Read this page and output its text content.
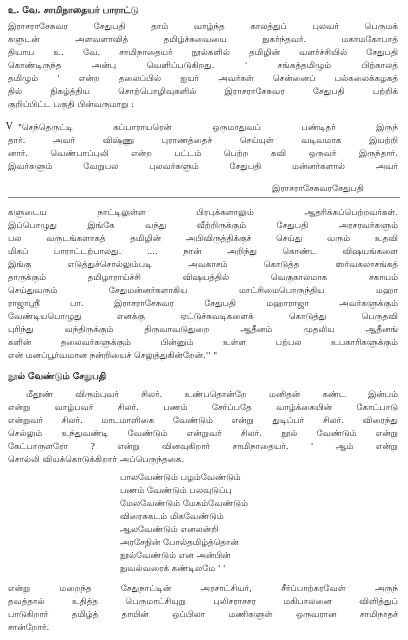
உ. வே. சாமிநாதையர் பாராட்டு
இராசராசேசுவர சேதுபதி தாம் வாழ்ந்த காலத்துப் புலவர் பெருமக்
களுடன் அளவளாவித் தமிழ்ச்சுவையை நுகர்ந்தவர். மகாமகோபாத்
தியாய உ. வே. சாமிநாதையர் நூல்களில் தமிழின் வளர்ச்சியில் சேதுபதி
கொண்டிருந்த அன்பு வெளிப்படுகிறது. ' சங்கத்தமிழும் பிற்காலத்
தமிழும் ' என்ற தலைப்பில் ஐயர் அவர்கள் சென்னைப் பல்கலைக்கழகத்
தில் நிகழ்த்திய சொற்பொழிவுகளில் இராசராசேசுவர சேதுபதி பற்றிக்
குறிப்பிட்ட பகுதி பின்வருமாறு :
V "செந்தெருட்டி கப்பாராயரென் ஒருமாதுவப் பண்டிதர் இருந்
தார். அவர் விஷ்ணு புராணத்தைச் செய்யுள் வடிவமாக இயற்றி
னார். வெண்பாப்புலி என்ற பட்டம் பெற்ற கவி ஒருவர் இருந்தார்.
இவர்களும் வேறுபல புலவர்களும் சேதுபதி மன்னர்களால் அவர்
இராசராசேசுவரசேதுபதி
களுடைய நாட்டிலுள்ள பிரபுக்களாலும் ஆதரிக்கப்பெற்றவர்கள்.
இப்பொழுது இங்கே வந்து வீற்றிருக்கும் சேதுபதி அரசரவர்களும்
பல வருடங்களாகத் தமிழின் அபிவிருத்திக்குச் செய்து வரும் உதவி
மிகப் பாராட்டற்பாலது. .... நான் அறிந்து கொண்ட விஷயங்களை
இங்கு எடுத்துச்சொல்லும்படி அவகாசம் கொடுத்த ஸர்வகலாசங்கத்
தாருக்கும் தமிழாராய்ச்சி விஷயத்தில் வெகுகாலமாக சகாயம்
செய்துவரும் சேதுமன்னர்களாகிய மாட்சிமைபொருந்திய மஹா
ராஜாஸ்ரீ பா. இராசராசேசுவர சேதுபதி மஹாராஜா அவர்களுக்கும்
வேண்டியபொழுது எனக்கு ஏட்டுச்சுவடிகளைக் கொடுத்து பெருதவி
புரிந்து வந்திருக்கும் திருவாவடுதுறை ஆதீனம் முதலிய ஆதீனங்
களின் தலைவர்களுக்கும் பின்னும் உள்ள பற்பல உபகாரிகளுக்கும்
என் மனப்பூர்வமான நன்றியைச் செலுத்துகின்றேன்.'' "
நூல் வேண்டும் சேதுபதி
மீதூண் விரும்புவர் சிலர். உண்பதொன்றே மனிதன் கண்ட இன்பம்
என்று வாழ்பவர் சிலர். பணம் சேர்ப்பதே வாழ்க்கையின் கோட்பாடு
என்றுவர் சிலர். மாடமாளிகை வேண்டும் என்று துடிப்பர் சிலர். விரைந்து
செல்லும் உந்துவண்டி வேண்டும் என்றுவர் சிலர். நூல் வேண்டும் என்று
கேட்பாருளரோ ? என்று வினவுகிறார் சாமிநாதையர். ' ஆம் என்று
சொல்லி வியக்கொடுக்கிறார் அப்பெருந்தகை.
பாலவேண்டும் பழம்வேண்டும்
பணம் வேண்டும் பலவுடுப்பு
மேலவேண்டும் மேகம்வேண்டும்
விரைசுகடம் மிகவேண்டும்
ஆலவேண்டும் எனலன்றி
அரசேநின் போல்தமிழ்த்தொன்
நூல்வேண்டும் என அன்பின்
நுவல்வரைக் கண்டிலமே ' '
என்று மறைந்த சேதுநாட்டின் அரசாட்சியர், சீர்ப்பாற்கரவேள் அருந்
தவத்தால் உதித்த பெருமாட்சியுறு புலிசராசசர மகிபாலனை விளித்துப்
பாடுகிறார் தமிழ்த் தாயின் ஒப்பிலா மணிகளுள் ஒருவரான சாமிநாதச்
சான்றோர்.
